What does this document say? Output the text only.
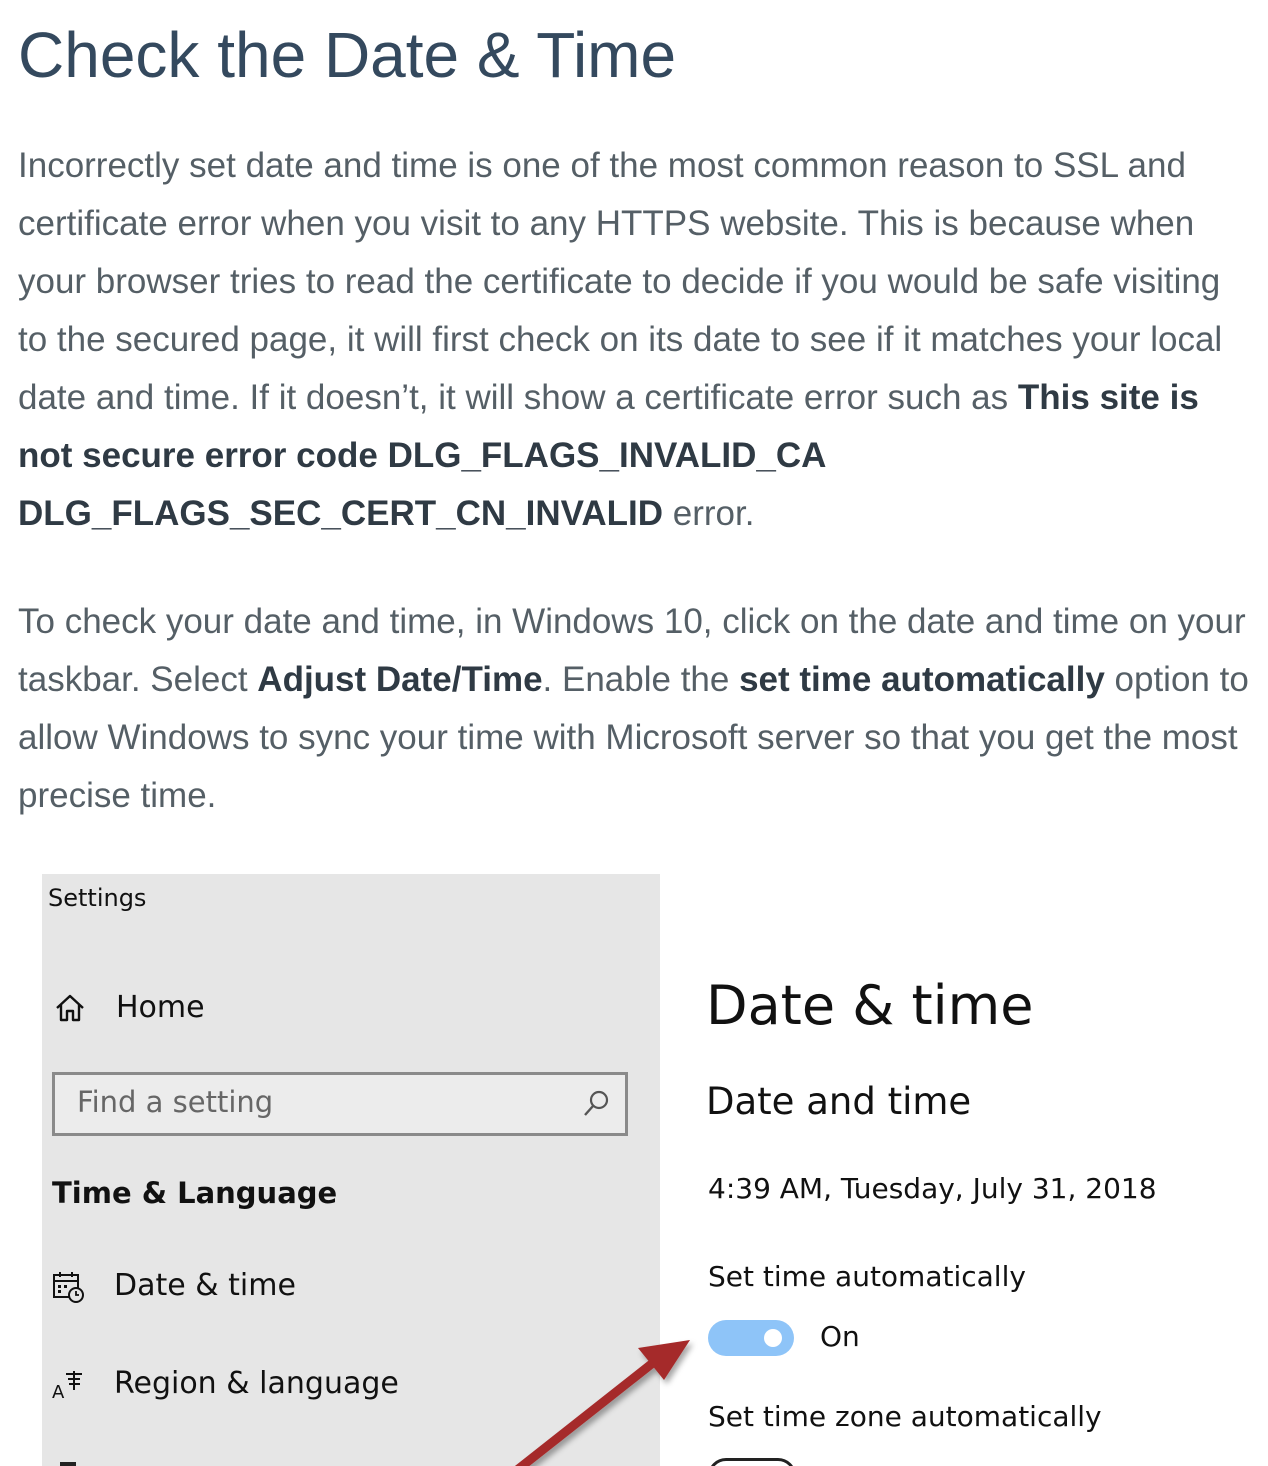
Check the Date & Time

Incorrectly set date and time is one of the most common reason to SSL and certificate error when you visit to any HTTPS website. This is because when your browser tries to read the certificate to decide if you would be safe visiting to the secured page, it will first check on its date to see if it matches your local date and time. If it doesn’t, it will show a certificate error such as This site is not secure error code DLG_FLAGS_INVALID_CA DLG_FLAGS_SEC_CERT_CN_INVALID error.

To check your date and time, in Windows 10, click on the date and time on your taskbar. Select Adjust Date/Time. Enable the set time automatically option to allow Windows to sync your time with Microsoft server so that you get the most precise time.

Settings
Home
Find a setting
Time & Language
Date & time
A Region & language
Date & time
Date and time
4:39 AM, Tuesday, July 31, 2018
Set time automatically
On
Set time zone automatically
